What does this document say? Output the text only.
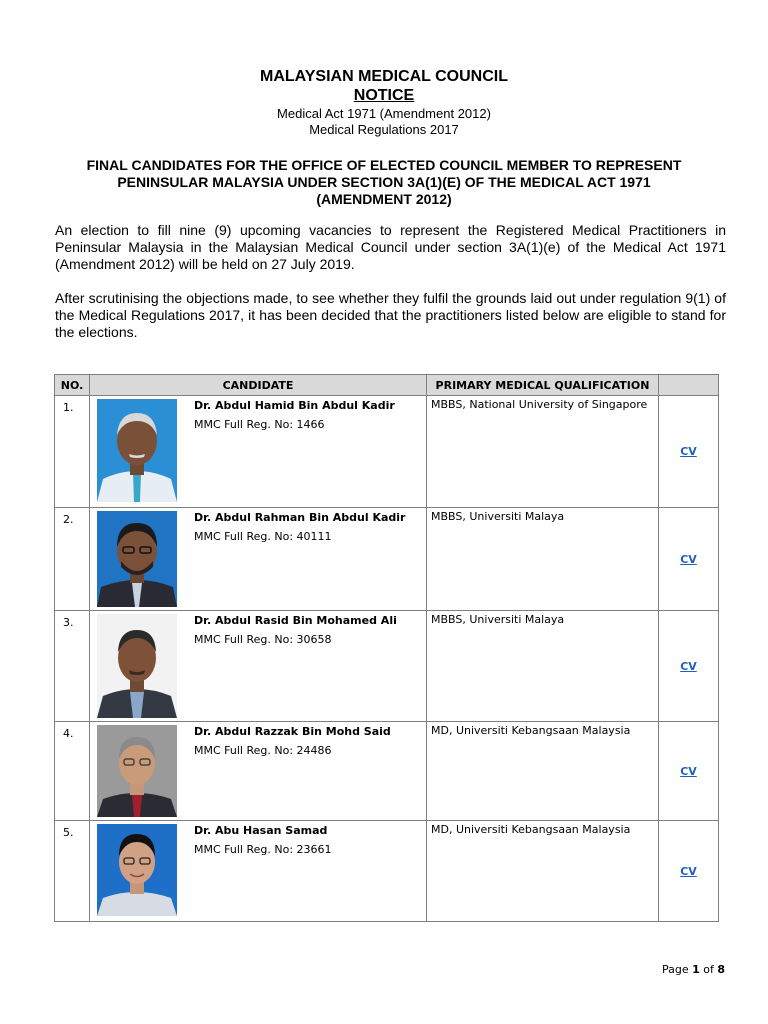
MALAYSIAN MEDICAL COUNCIL
NOTICE
Medical Act 1971 (Amendment 2012)
Medical Regulations 2017
FINAL CANDIDATES FOR THE OFFICE OF ELECTED COUNCIL MEMBER TO REPRESENT
PENINSULAR MALAYSIA UNDER SECTION 3A(1)(E) OF THE MEDICAL ACT 1971
(AMENDMENT 2012)
An election to fill nine (9) upcoming vacancies to represent the Registered Medical Practitioners in Peninsular Malaysia in the Malaysian Medical Council under section 3A(1)(e) of the Medical Act 1971 (Amendment 2012) will be held on 27 July 2019.
After scrutinising the objections made, to see whether they fulfil the grounds laid out under regulation 9(1) of the Medical Regulations 2017, it has been decided that the practitioners listed below are eligible to stand for the elections.
NO.	CANDIDATE	PRIMARY MEDICAL QUALIFICATION	
1.	Dr. Abdul Hamid Bin Abdul Kadir
MMC Full Reg. No: 1466	MBBS, National University of Singapore	CV
2.	Dr. Abdul Rahman Bin Abdul Kadir
MMC Full Reg. No: 40111	MBBS, Universiti Malaya	CV
3.	Dr. Abdul Rasid Bin Mohamed Ali
MMC Full Reg. No: 30658	MBBS, Universiti Malaya	CV
4.	Dr. Abdul Razzak Bin Mohd Said
MMC Full Reg. No: 24486	MD, Universiti Kebangsaan Malaysia	CV
5.	Dr. Abu Hasan Samad
MMC Full Reg. No: 23661	MD, Universiti Kebangsaan Malaysia	CV
Page 1 of 8
